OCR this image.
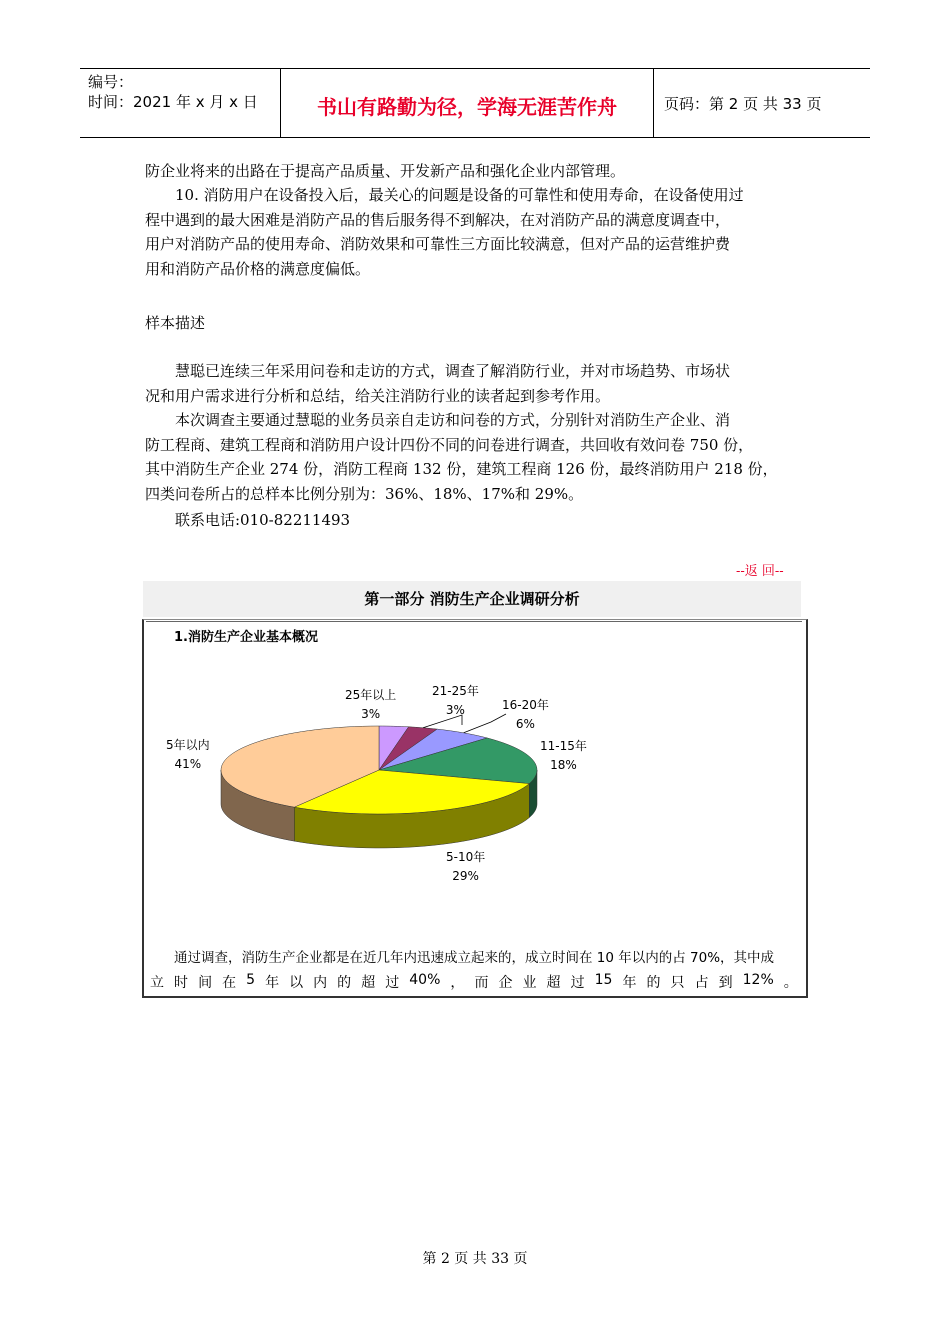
编号：
时间：2021 年 x 月 x 日	书山有路勤为径，学海无涯苦作舟	页码：第 2 页 共 33 页
防企业将来的出路在于提高产品质量、开发新产品和强化企业内部管理。
　　10. 消防用户在设备投入后，最关心的问题是设备的可靠性和使用寿命，在设备使用过
程中遇到的最大困难是消防产品的售后服务得不到解决，在对消防产品的满意度调查中，
用户对消防产品的使用寿命、消防效果和可靠性三方面比较满意，但对产品的运营维护费
用和消防产品价格的满意度偏低。
样本描述
　　慧聪已连续三年采用问卷和走访的方式，调查了解消防行业，并对市场趋势、市场状
况和用户需求进行分析和总结，给关注消防行业的读者起到参考作用。
　　本次调查主要通过慧聪的业务员亲自走访和问卷的方式，分别针对消防生产企业、消
防工程商、建筑工程商和消防用户设计四份不同的问卷进行调查，共回收有效问卷 750 份，
其中消防生产企业 274 份，消防工程商 132 份，建筑工程商 126 份，最终消防用户 218 份，
四类问卷所占的总样本比例分别为：36%、18%、17%和 29%。
　　联系电话:010-82211493
--返 回--
第一部分 消防生产企业调研分析
1.消防生产企业基本概况
25年以上
3%
21-25年
3%	16-20年
6%
11-15年
18%
5-10年
29%
5年以内
41%
通过调查，消防生产企业都是在近几年内迅速成立起来的，成立时间在 10 年以内的占 70%，其中成
立 时 间 在 5 年 以 内 的 超 过 40% ， 而 企 业 超 过 15 年 的 只 占 到 12% 。
第 2 页 共 33 页
